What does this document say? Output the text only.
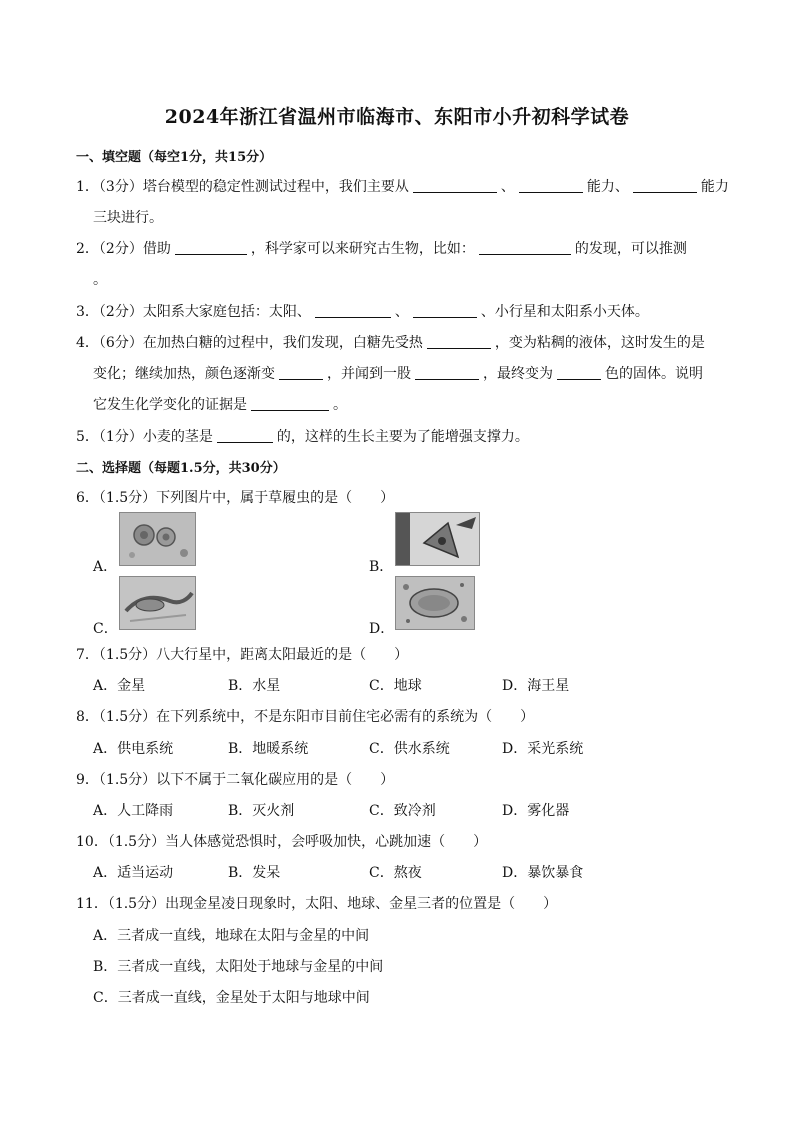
2024年浙江省温州市临海市、东阳市小升初科学试卷
一、填空题（每空1分，共15分）
1．（3分）塔台模型的稳定性测试过程中，我们主要从	、	能力、	能力
三块进行。
2．（2分）借助	，科学家可以来研究古生物，比如：	的发现，可以推测
。
3．（2分）太阳系大家庭包括：太阳、	、	、小行星和太阳系小天体。
4．（6分）在加热白糖的过程中，我们发现，白糖先受热	，变为粘稠的液体，这时发生的是
变化；继续加热，颜色逐渐变	，并闻到一股	，最终变为	色的固体。说明
它发生化学变化的证据是	。
5．（1分）小麦的茎是	的，这样的生长主要为了能增强支撑力。
二、选择题（每题1.5分，共30分）
6．（1.5分）下列图片中，属于草履虫的是（　　）
A．	B．
C．	D．
7．（1.5分）八大行星中，距离太阳最近的是（　　）
A．金星	B．水星	C．地球	D．海王星
8．（1.5分）在下列系统中，不是东阳市目前住宅必需有的系统为（　　）
A．供电系统	B．地暖系统	C．供水系统	D．采光系统
9．（1.5分）以下不属于二氧化碳应用的是（　　）
A．人工降雨	B．灭火剂	C．致冷剂	D．雾化器
10．（1.5分）当人体感觉恐惧时，会呼吸加快，心跳加速（　　）
A．适当运动	B．发呆	C．熬夜	D．暴饮暴食
11．（1.5分）出现金星凌日现象时，太阳、地球、金星三者的位置是（　　）
A．三者成一直线，地球在太阳与金星的中间
B．三者成一直线，太阳处于地球与金星的中间
C．三者成一直线，金星处于太阳与地球中间
